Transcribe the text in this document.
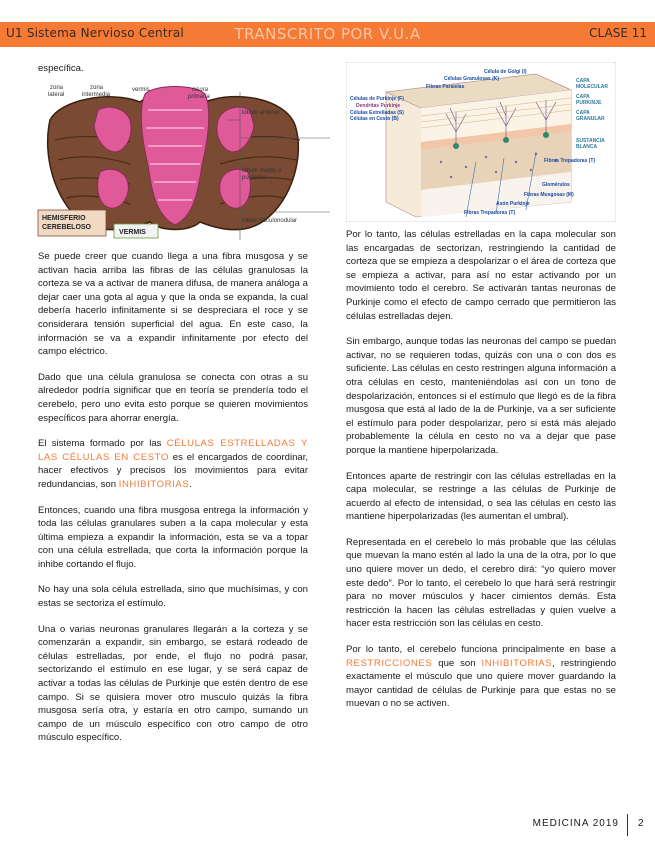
U1 Sistema Nervioso Central	TRANSCRITO POR V.U.A	CLASE 11

específica.

zona lateral
zona intermedia
vermis	cisura primaria
lóbulo anterior
lóbulo medio o posterior
lóbulo floculonodular
HEMISFERIO CEREBELOSO
VERMIS

Se puede creer que cuando llega a una fibra musgosa y se activan hacia arriba las fibras de las células granulosas la corteza se va a activar de manera difusa, de manera análoga a dejar caer una gota al agua y que la onda se expanda, la cual debería hacerlo infinitamente si se despreciara el roce y se considerara tensión superficial del agua. En este caso, la información se va a expandir infinitamente por efecto del campo eléctrico.

Dado que una célula granulosa se conecta con otras a su alrededor podría significar que en teoría se prendería todo el cerebelo, pero uno evita esto porque se quieren movimientos específicos para ahorrar energía.

El sistema formado por las CÉLULAS ESTRELLADAS Y LAS CÉLULAS EN CESTO es el encargados de coordinar, hacer efectivos y precisos los movimientos para evitar redundancias, son INHIBITORIAS.

Entonces, cuando una fibra musgosa entrega la información y toda las células granulares suben a la capa molecular y esta última empieza a expandir la información, esta se va a topar con una célula estrellada, que corta la información porque la inhibe cortando el flujo.

No hay una sola célula estrellada, sino que muchísimas, y con estas se sectoriza el estímulo.

Una o varias neuronas granulares llegarán a la corteza y se comenzarán a expandir, sin embargo, se estará rodeado de células estrelladas, por ende, el flujo no podrá pasar, sectorizando el estímulo en ese lugar, y se será capaz de activar a todas las células de Purkinje que estén dentro de ese campo. Si se quisiera mover otro musculo quizás la fibra musgosa sería otra, y estaría en otro campo, sumando un campo de un músculo específico con otro campo de otro músculo específico.

Célula de Golgi (I)
Células Granulosas (K)
Fibras Paralelas
Células de Purkinje (F)
Dendritas Purkinje
Células Estrelladas (S)
Células en Cesto (B)
CAPA MOLECULAR
CAPA PURKINJE
CAPA GRANULAR
SUSTANCIA BLANCA
Fibras Trepadoras (T)
Glomérulos
Fibras Musgosas (M)
Axón Purkinje
Fibras Trepadoras (T)

Por lo tanto, las células estrelladas en la capa molecular son las encargadas de sectorizan, restringiendo la cantidad de corteza que se empieza a despolarizar o el área de corteza que se empieza a activar, para así no estar activando por un movimiento todo el cerebro. Se activarán tantas neuronas de Purkinje como el efecto de campo cerrado que permitieron las células estrelladas dejen.

Sin embargo, aunque todas las neuronas del campo se puedan activar, no se requieren todas, quizás con una o con dos es suficiente. Las células en cesto restringen alguna información a otra células en cesto, manteniéndolas así con un tono de despolarización, entonces si el estímulo que llegó es de la fibra musgosa que está al lado de la de Purkinje, va a ser suficiente el estímulo para poder despolarizar, pero si está más alejado probablemente la célula en cesto no va a dejar que pase porque la mantiene hiperpolarizada.

Entonces aparte de restringir con las células estrelladas en la capa molecular, se restringe a las células de Purkinje de acuerdo al efecto de intensidad, o sea las células en cesto las mantiene hiperpolarizadas (les aumentan el umbral).

Representada en el cerebelo lo más probable que las células que muevan la mano estén al lado la una de la otra, por lo que uno quiere mover un dedo, el cerebro dirá: “yo quiero mover este dedo”. Por lo tanto, el cerebelo lo que hará será restringir para no mover músculos y hacer cimientos demás. Esta restricción la hacen las células estrelladas y quien vuelve a hacer esta restricción son las células en cesto.

Por lo tanto, el cerebelo funciona principalmente en base a RESTRICCIONES que son INHIBITORIAS, restringiendo exactamente el músculo que uno quiere mover guardando la mayor cantidad de células de Purkinje para que estas no se muevan o no se activen.

MEDICINA 2019 2
